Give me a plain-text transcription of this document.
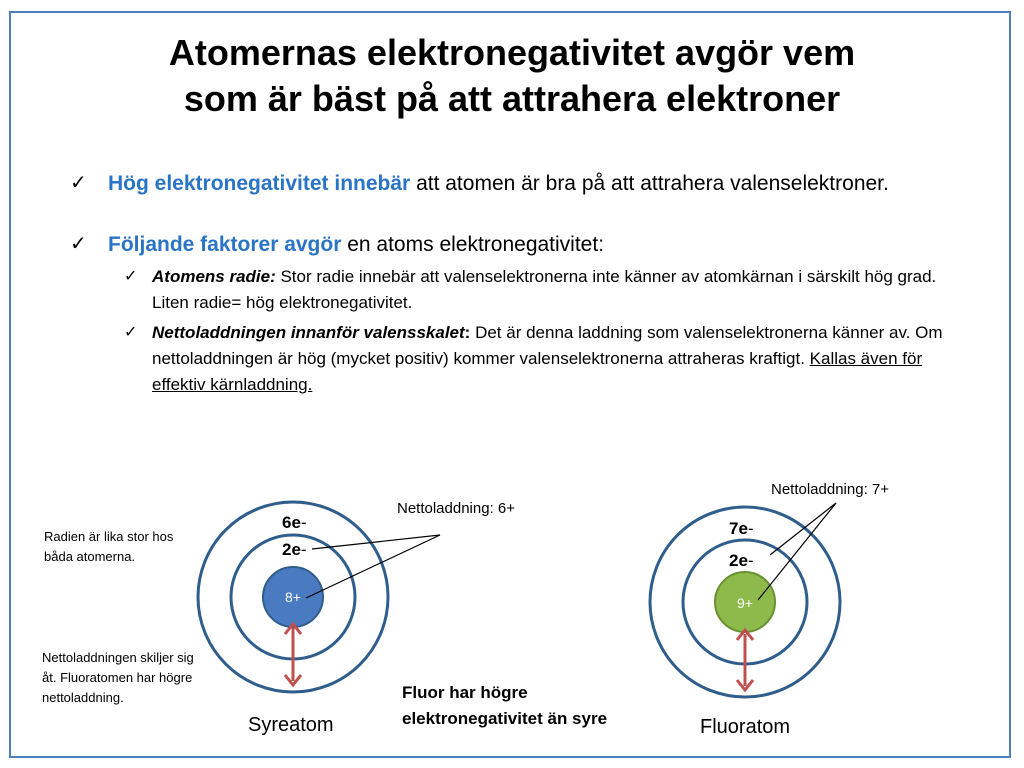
Atomernas elektronegativitet avgör vem
som är bäst på att attrahera elektroner
✓ Hög elektronegativitet innebär att atomen är bra på att attrahera valenselektroner.
✓ Följande faktorer avgör en atoms elektronegativitet:
✓ Atomens radie: Stor radie innebär att valenselektronerna inte känner av atomkärnan i särskilt hög grad. Liten radie= hög elektronegativitet.
✓ Nettoladdningen innanför valensskalet: Det är denna laddning som valenselektronerna känner av. Om nettoladdningen är hög (mycket positiv) kommer valenselektronerna attraheras kraftigt. Kallas även för effektiv kärnladdning.
8+	9+
Radien är lika stor hos båda atomerna.
Nettoladdningen skiljer sig åt. Fluoratomen har högre nettoladdning.
6e-
2e-
Nettoladdning: 6+
Syreatom
7e-
2e-
Nettoladdning: 7+
Fluoratom
Fluor har högre
elektronegativitet än syre
